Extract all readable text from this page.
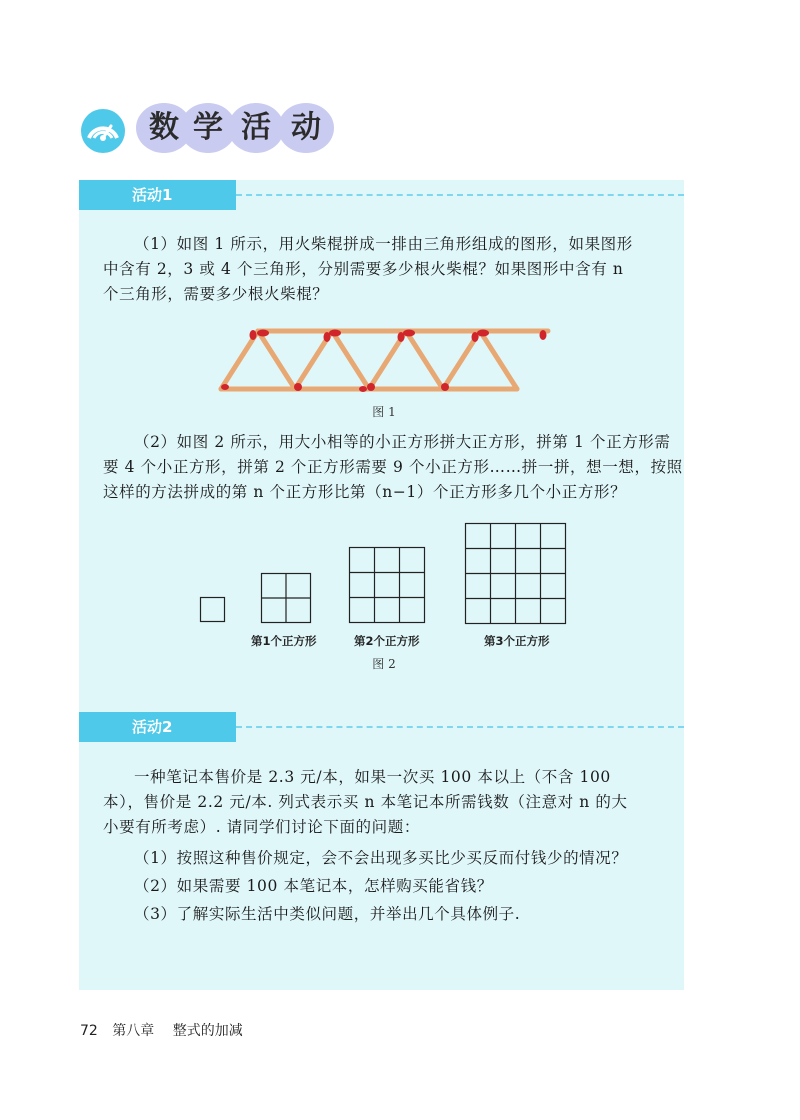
数 学 活 动
活动1
（1）如图 1 所示，用火柴棍拼成一排由三角形组成的图形，如果图形
中含有 2，3 或 4 个三角形，分别需要多少根火柴棍？如果图形中含有 n
个三角形，需要多少根火柴棍？
图 1
（2）如图 2 所示，用大小相等的小正方形拼大正方形，拼第 1 个正方形需
要 4 个小正方形，拼第 2 个正方形需要 9 个小正方形……拼一拼，想一想，按照
这样的方法拼成的第 n 个正方形比第（n−1）个正方形多几个小正方形？
第1个正方形	第2个正方形	第3个正方形
图 2
活动2
一种笔记本售价是 2.3 元/本，如果一次买 100 本以上（不含 100
本），售价是 2.2 元/本. 列式表示买 n 本笔记本所需钱数（注意对 n 的大
小要有所考虑）. 请同学们讨论下面的问题：
（1）按照这种售价规定，会不会出现多买比少买反而付钱少的情况？
（2）如果需要 100 本笔记本，怎样购买能省钱？
（3）了解实际生活中类似问题，并举出几个具体例子.
72 第八章 整式的加减
